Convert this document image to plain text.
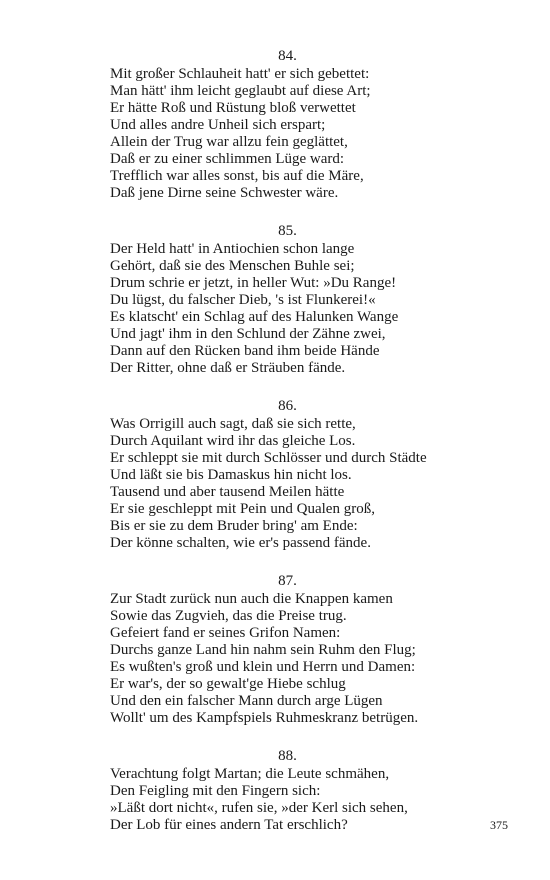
84.
Mit großer Schlauheit hatt' er sich gebettet:
Man hätt' ihm leicht geglaubt auf diese Art;
Er hätte Roß und Rüstung bloß verwettet
Und alles andre Unheil sich erspart;
Allein der Trug war allzu fein geglättet,
Daß er zu einer schlimmen Lüge ward:
Trefflich war alles sonst, bis auf die Märe,
Daß jene Dirne seine Schwester wäre.
85.
Der Held hatt' in Antiochien schon lange
Gehört, daß sie des Menschen Buhle sei;
Drum schrie er jetzt, in heller Wut: »Du Range!
Du lügst, du falscher Dieb, 's ist Flunkerei!«
Es klatscht' ein Schlag auf des Halunken Wange
Und jagt' ihm in den Schlund der Zähne zwei,
Dann auf den Rücken band ihm beide Hände
Der Ritter, ohne daß er Sträuben fände.
86.
Was Orrigill auch sagt, daß sie sich rette,
Durch Aquilant wird ihr das gleiche Los.
Er schleppt sie mit durch Schlösser und durch Städte
Und läßt sie bis Damaskus hin nicht los.
Tausend und aber tausend Meilen hätte
Er sie geschleppt mit Pein und Qualen groß,
Bis er sie zu dem Bruder bring' am Ende:
Der könne schalten, wie er's passend fände.
87.
Zur Stadt zurück nun auch die Knappen kamen
Sowie das Zugvieh, das die Preise trug.
Gefeiert fand er seines Grifon Namen:
Durchs ganze Land hin nahm sein Ruhm den Flug;
Es wußten's groß und klein und Herrn und Damen:
Er war's, der so gewalt'ge Hiebe schlug
Und den ein falscher Mann durch arge Lügen
Wollt' um des Kampfspiels Ruhmeskranz betrügen.
88.
Verachtung folgt Martan; die Leute schmähen,
Den Feigling mit den Fingern sich:
»Läßt dort nicht«, rufen sie, »der Kerl sich sehen,
Der Lob für eines andern Tat erschlich?	375
